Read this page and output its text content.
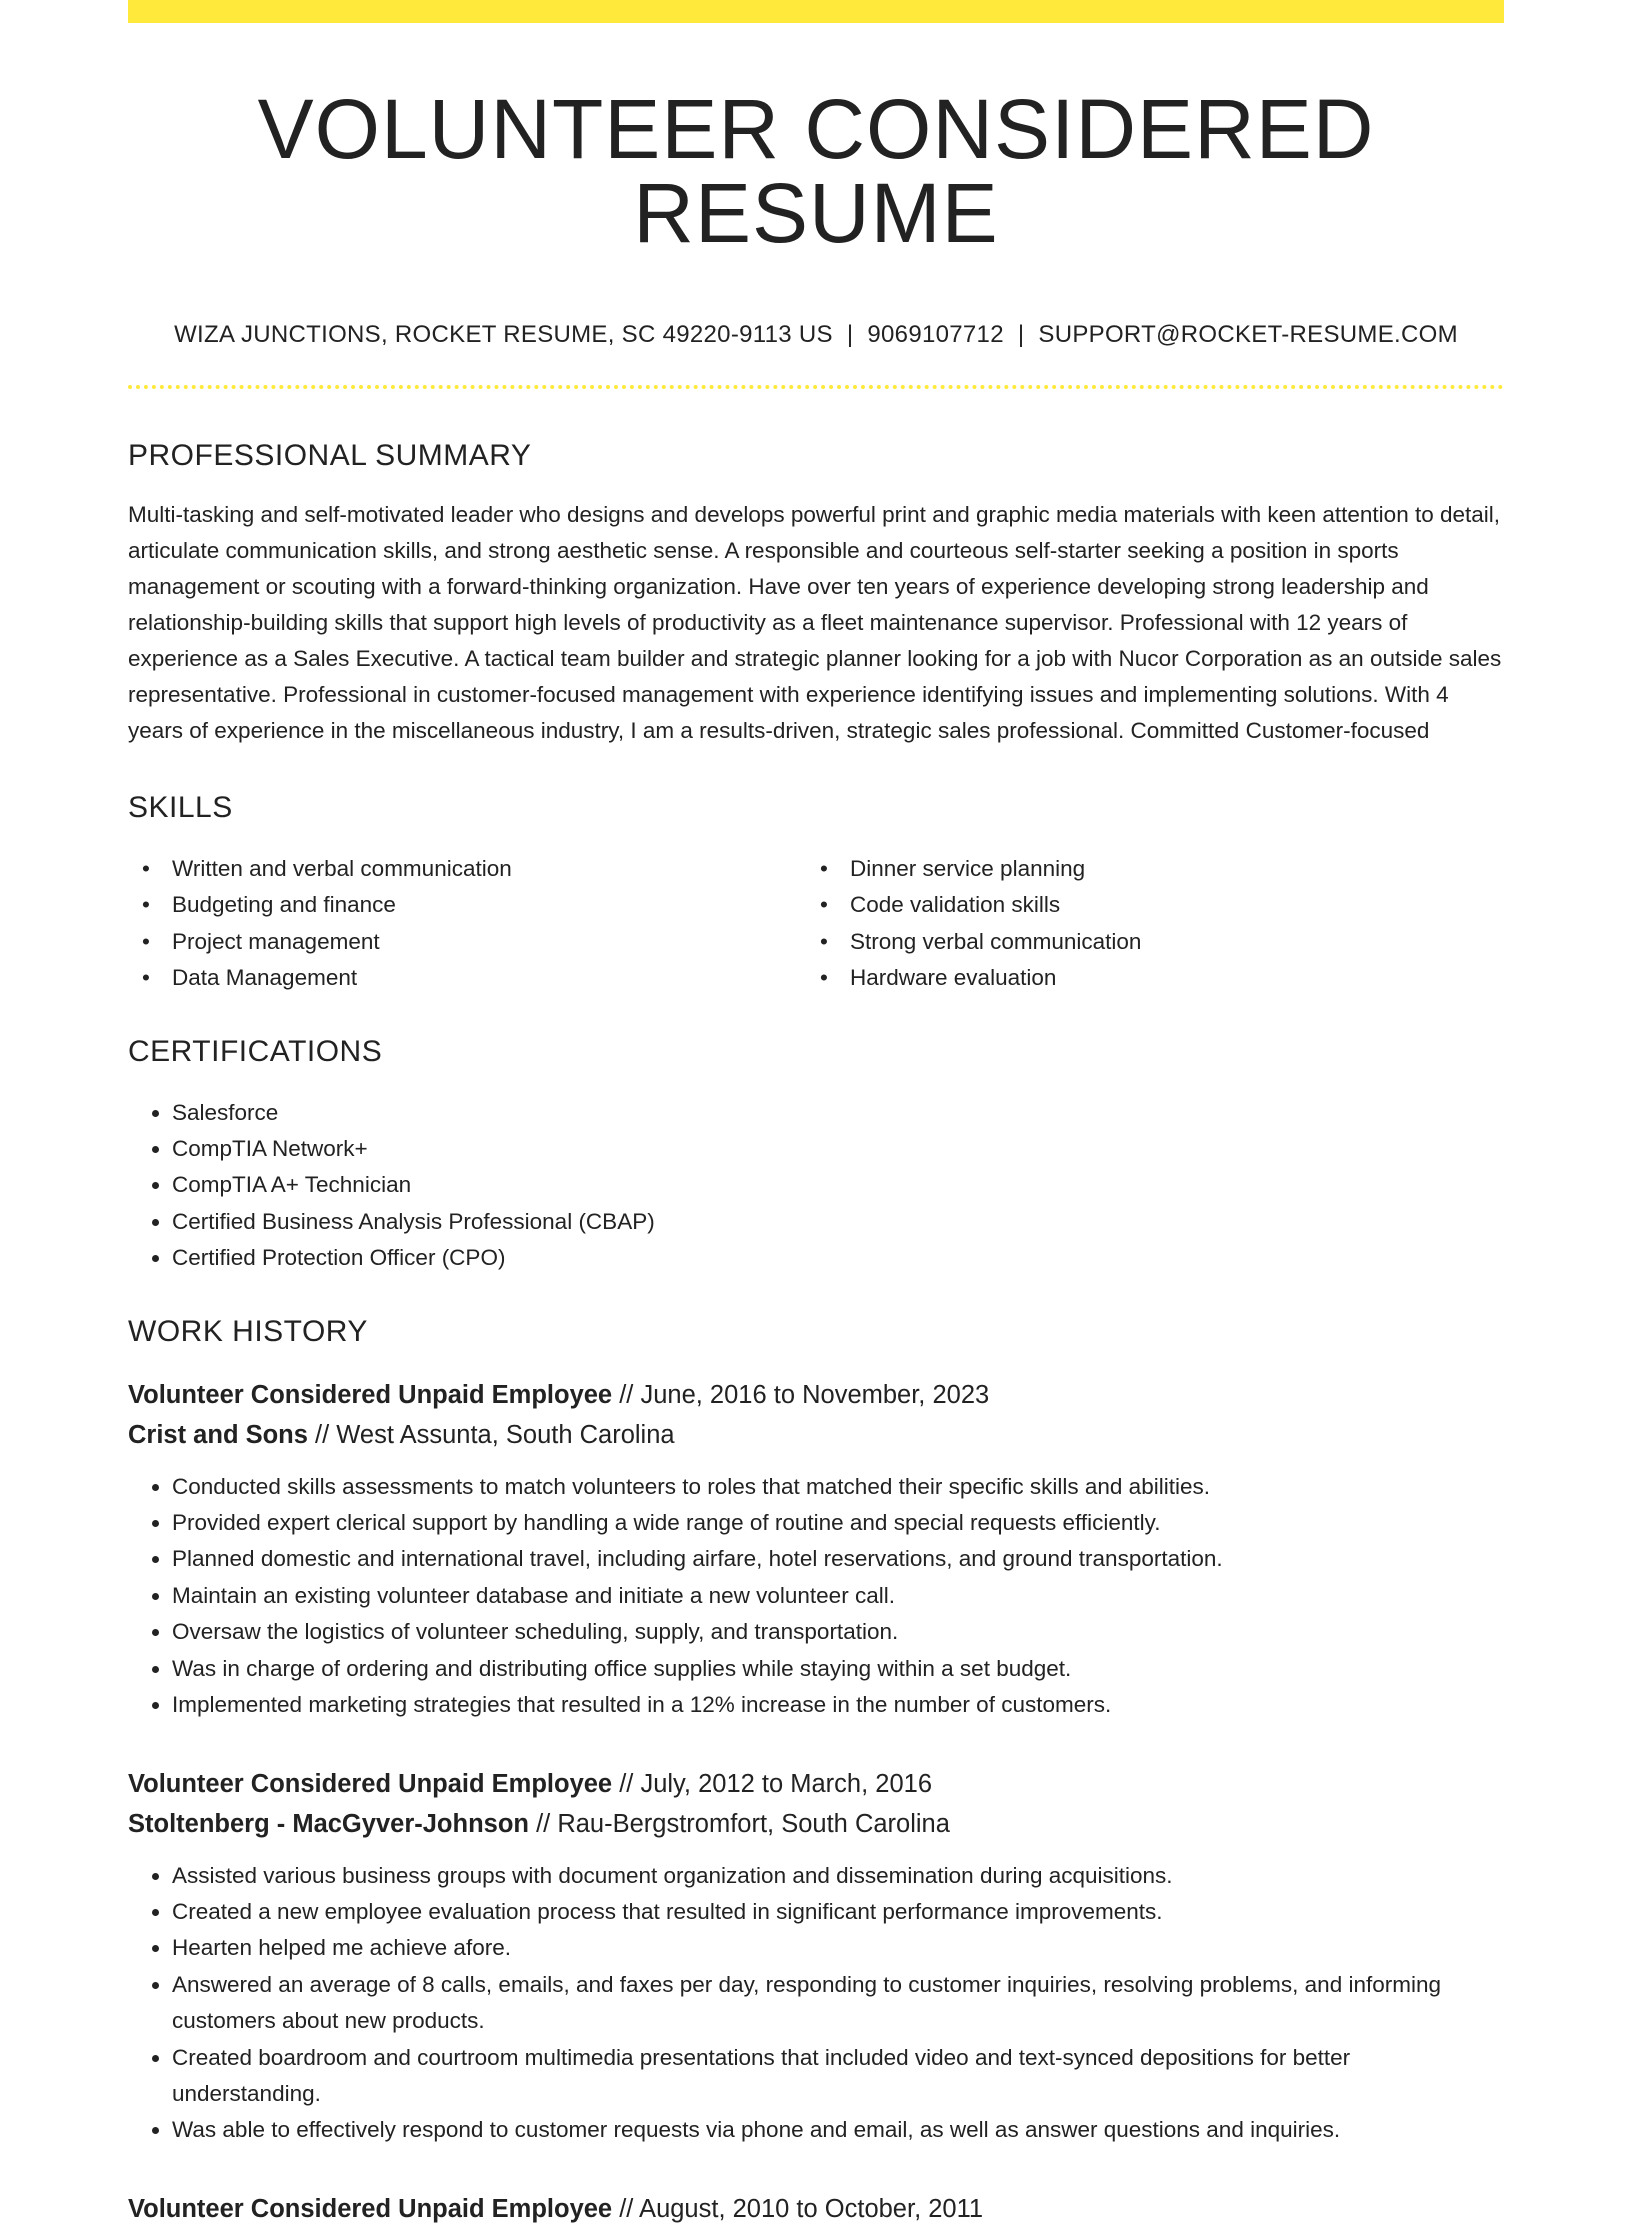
VOLUNTEER CONSIDERED RESUME
WIZA JUNCTIONS, ROCKET RESUME, SC 49220-9113 US | 9069107712 | SUPPORT@ROCKET-RESUME.COM
PROFESSIONAL SUMMARY

Multi-tasking and self-motivated leader who designs and develops powerful print and graphic media materials with keen attention to detail, articulate communication skills, and strong aesthetic sense. A responsible and courteous self-starter seeking a position in sports management or scouting with a forward-thinking organization. Have over ten years of experience developing strong leadership and relationship-building skills that support high levels of productivity as a fleet maintenance supervisor. Professional with 12 years of experience as a Sales Executive. A tactical team builder and strategic planner looking for a job with Nucor Corporation as an outside sales representative. Professional in customer-focused management with experience identifying issues and implementing solutions. With 4 years of experience in the miscellaneous industry, I am a results-driven, strategic sales professional. Committed Customer-focused

SKILLS
• Written and verbal communication	• Dinner service planning
• Budgeting and finance	• Code validation skills
• Project management	• Strong verbal communication
• Data Management	• Hardware evaluation
CERTIFICATIONS
• Salesforce
• CompTIA Network+
• CompTIA A+ Technician
• Certified Business Analysis Professional (CBAP)
• Certified Protection Officer (CPO)
WORK HISTORY
Volunteer Considered Unpaid Employee // June, 2016 to November, 2023
Crist and Sons // West Assunta, South Carolina
• Conducted skills assessments to match volunteers to roles that matched their specific skills and abilities.
• Provided expert clerical support by handling a wide range of routine and special requests efficiently.
• Planned domestic and international travel, including airfare, hotel reservations, and ground transportation.
• Maintain an existing volunteer database and initiate a new volunteer call.
• Oversaw the logistics of volunteer scheduling, supply, and transportation.
• Was in charge of ordering and distributing office supplies while staying within a set budget.
• Implemented marketing strategies that resulted in a 12% increase in the number of customers.
Volunteer Considered Unpaid Employee // July, 2012 to March, 2016
Stoltenberg - MacGyver-Johnson // Rau-Bergstromfort, South Carolina
• Assisted various business groups with document organization and dissemination during acquisitions.
• Created a new employee evaluation process that resulted in significant performance improvements.
• Hearten helped me achieve afore.
• Answered an average of 8 calls, emails, and faxes per day, responding to customer inquiries, resolving problems, and informing customers about new products.
• Created boardroom and courtroom multimedia presentations that included video and text-synced depositions for better understanding.
• Was able to effectively respond to customer requests via phone and email, as well as answer questions and inquiries.
Volunteer Considered Unpaid Employee // August, 2010 to October, 2011
